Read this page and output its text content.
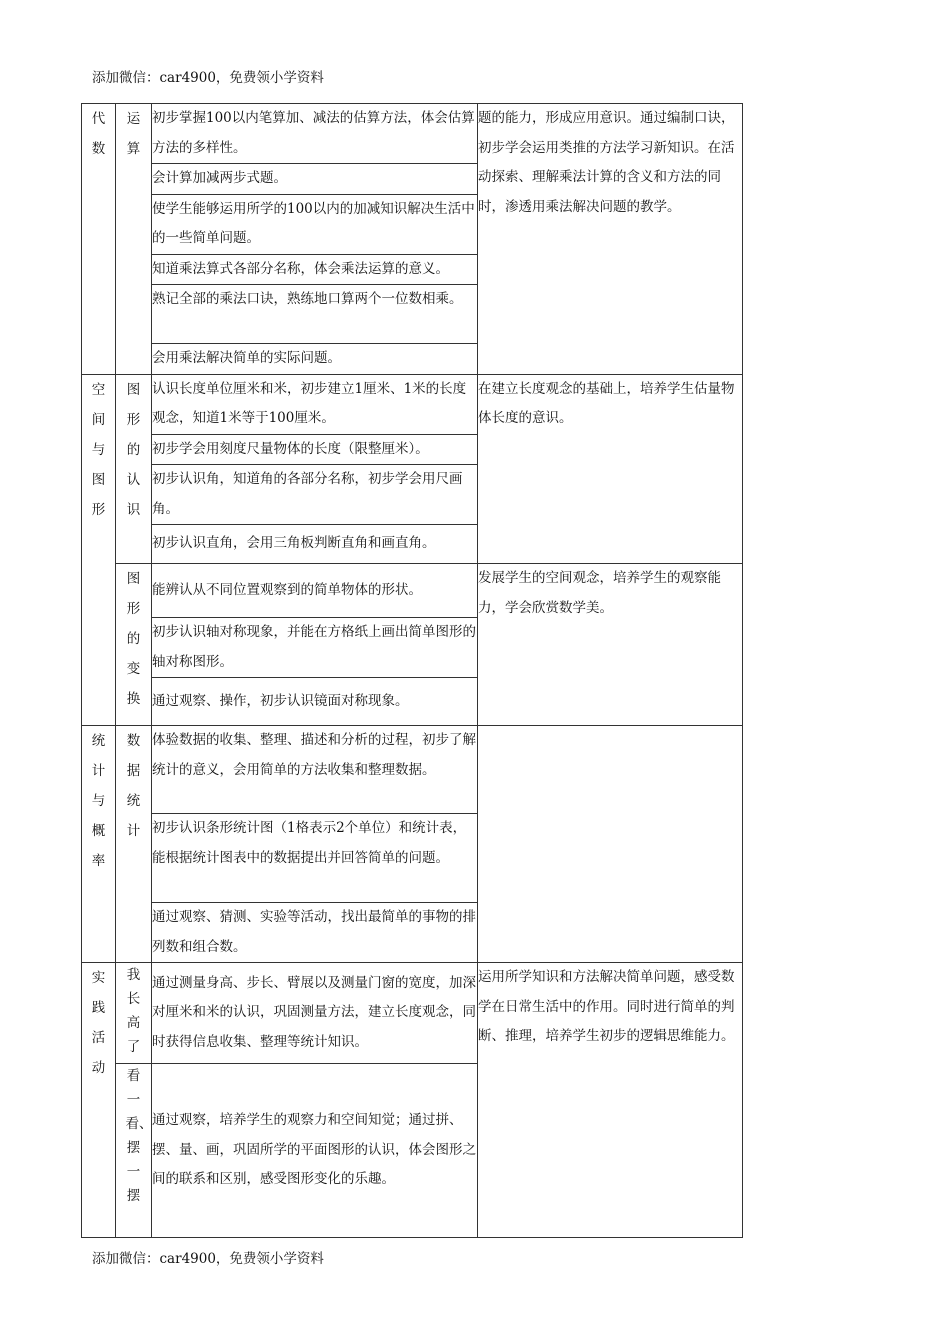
添加微信：car4900，免费领小学资料
代数	运算	初步掌握100以内笔算加、减法的估算方法，体会估算方法的多样性。	题的能力，形成应用意识。通过编制口诀，初步学会运用类推的方法学习新知识。在活动探索、理解乘法计算的含义和方法的同时，渗透用乘法解决问题的教学。
		会计算加减两步式题。	
		使学生能够运用所学的100以内的加减知识解决生活中的一些简单问题。	
		知道乘法算式各部分名称，体会乘法运算的意义。	
		熟记全部的乘法口诀，熟练地口算两个一位数相乘。	
		会用乘法解决简单的实际问题。	
空间与图形	图形的认识	认识长度单位厘米和米，初步建立1厘米、1米的长度观念，知道1米等于100厘米。	在建立长度观念的基础上，培养学生估量物体长度的意识。
		初步学会用刻度尺量物体的长度（限整厘米）。	
		初步认识角，知道角的各部分名称，初步学会用尺画角。	
		初步认识直角，会用三角板判断直角和画直角。	
	图形的变换	能辨认从不同位置观察到的简单物体的形状。	发展学生的空间观念，培养学生的观察能力，学会欣赏数学美。
		初步认识轴对称现象，并能在方格纸上画出简单图形的轴对称图形。	
		通过观察、操作，初步认识镜面对称现象。	
统计与概率	数据统计	体验数据的收集、整理、描述和分析的过程，初步了解统计的意义，会用简单的方法收集和整理数据。	
		初步认识条形统计图（1格表示2个单位）和统计表，能根据统计图表中的数据提出并回答简单的问题。	
		通过观察、猜测、实验等活动，找出最简单的事物的排列数和组合数。	
实践活动	我长高了	通过测量身高、步长、臂展以及测量门窗的宽度，加深对厘米和米的认识，巩固测量方法，建立长度观念，同时获得信息收集、整理等统计知识。	运用所学知识和方法解决简单问题，感受数学在日常生活中的作用。同时进行简单的判断、推理，培养学生初步的逻辑思维能力。
	看一看、摆一摆	通过观察，培养学生的观察力和空间知觉；通过拼、摆、量、画，巩固所学的平面图形的认识，体会图形之间的联系和区别，感受图形变化的乐趣。	
添加微信：car4900，免费领小学资料
